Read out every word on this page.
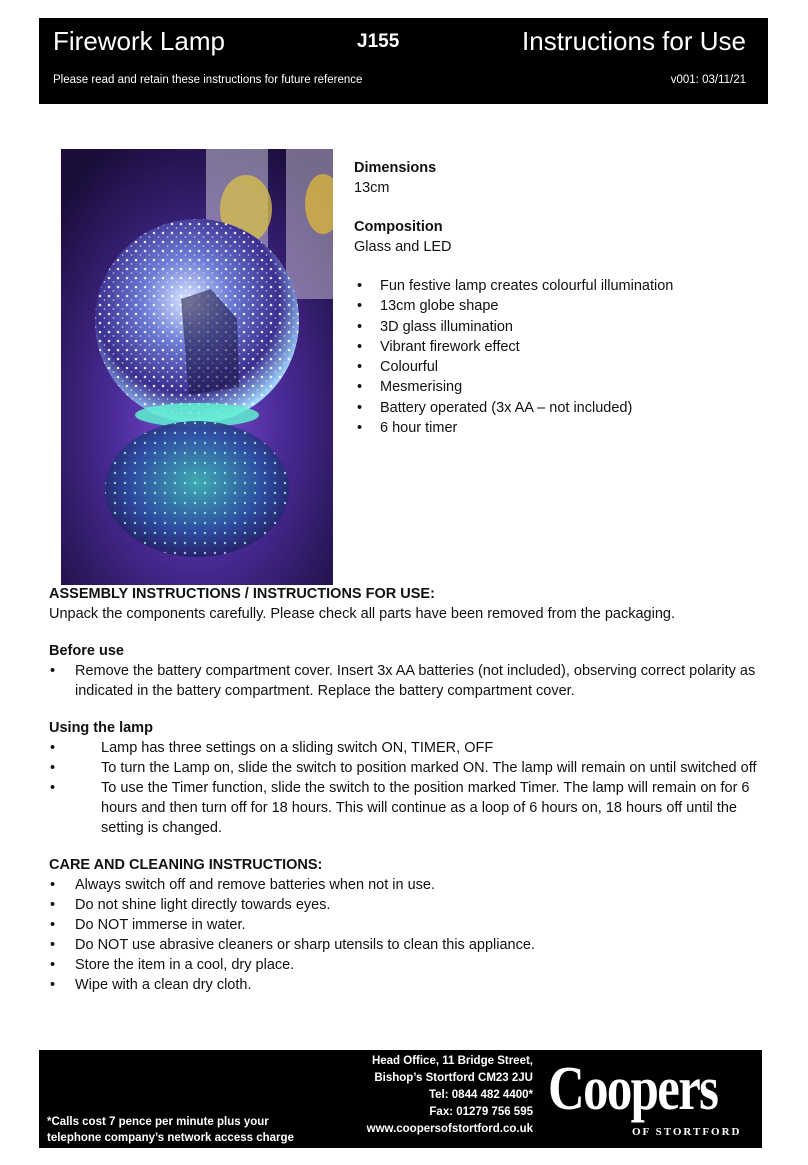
Firework Lamp	J155	Instructions for Use
Please read and retain these instructions for future reference	v001: 03/11/21
Dimensions
13cm
Composition
Glass and LED
• Fun festive lamp creates colourful illumination
• 13cm globe shape
• 3D glass illumination
• Vibrant firework effect
• Colourful
• Mesmerising
• Battery operated (3x AA – not included)
• 6 hour timer
ASSEMBLY INSTRUCTIONS / INSTRUCTIONS FOR USE:
Unpack the components carefully. Please check all parts have been removed from the packaging.
Before use
• Remove the battery compartment cover. Insert 3x AA batteries (not included), observing correct polarity as indicated in the battery compartment. Replace the battery compartment cover.
Using the lamp
• Lamp has three settings on a sliding switch ON, TIMER, OFF
• To turn the Lamp on, slide the switch to position marked ON. The lamp will remain on until switched off
• To use the Timer function, slide the switch to the position marked Timer. The lamp will remain on for 6 hours and then turn off for 18 hours. This will continue as a loop of 6 hours on, 18 hours off until the setting is changed.
CARE AND CLEANING INSTRUCTIONS:
• Always switch off and remove batteries when not in use.
• Do not shine light directly towards eyes.
• Do NOT immerse in water.
• Do NOT use abrasive cleaners or sharp utensils to clean this appliance.
• Store the item in a cool, dry place.
• Wipe with a clean dry cloth.
Head Office, 11 Bridge Street,
Bishop’s Stortford CM23 2JU
Tel: 0844 482 4400*
Fax: 01279 756 595
www.coopersofstortford.co.uk
*Calls cost 7 pence per minute plus your
telephone company’s network access charge
Coopers
OF STORTFORD
